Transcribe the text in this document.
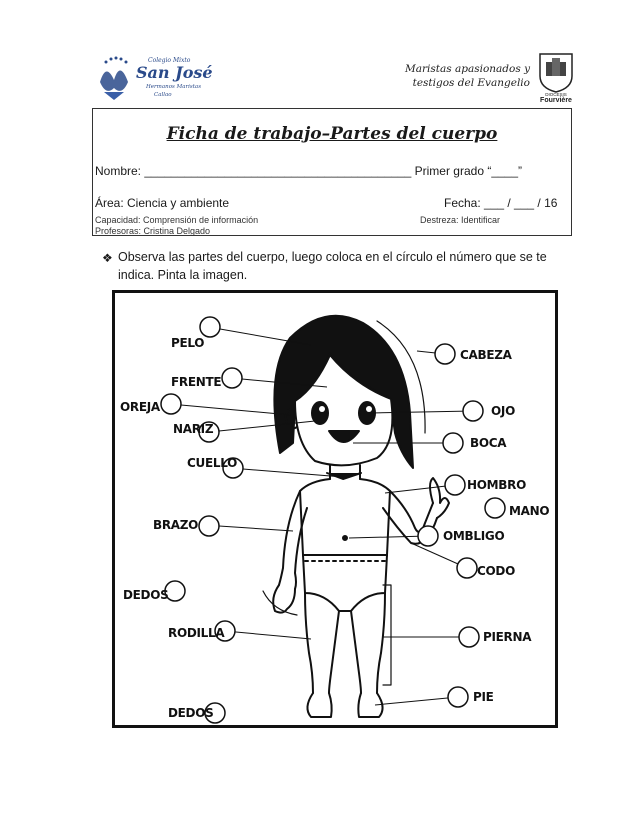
Colegio Mixto
San José
Hermanos Maristas
Callao
Maristas apasionados y
testigos del Evangelio
DIOCESIS
Fourvière
Ficha de trabajo–Partes del cuerpo
Nombre: ________________________________________ Primer grado “____”
Área: Ciencia y ambiente	Fecha: ___ / ___ / 16
Capacidad: Comprensión de información	Destreza: Identificar
Profesoras: Cristina Delgado
❖ Observa las partes del cuerpo, luego coloca en el círculo el número que se te indica. Pinta la imagen.
PELO
FRENTE
OREJA
NARIZ
CUELLO
BRAZO
DEDOS
RODILLA
DEDOS
CABEZA
OJO
BOCA
HOMBRO
MANO
OMBLIGO
CODO
PIERNA
PIE
